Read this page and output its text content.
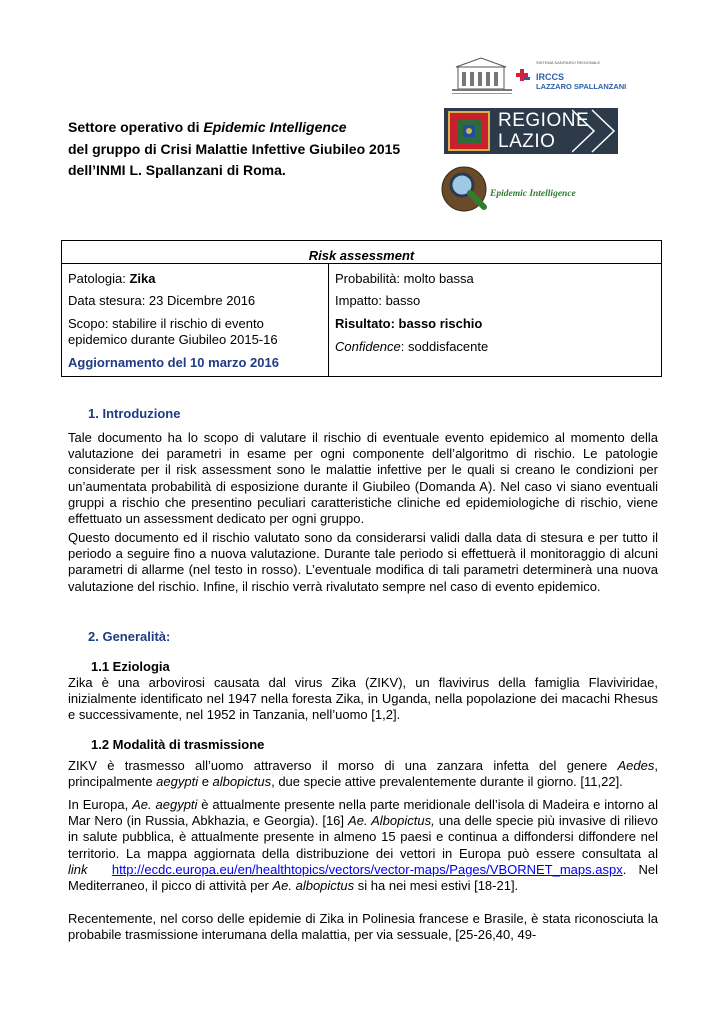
SISTEMA SANITARIO REGIONALE
IRCCS
LAZZARO SPALLANZANI
REGIONE
LAZIO
Epidemic Intelligence
Settore operativo di Epidemic Intelligence
del gruppo di Crisi Malattie Infettive Giubileo 2015
dell’INMI L. Spallanzani di Roma.
Risk assessment
Patologia: Zika
Data stesura: 23 Dicembre 2016
Scopo: stabilire il rischio di evento
epidemico durante Giubileo 2015-16
Aggiornamento del 10 marzo 2016
Probabilità: molto bassa
Impatto: basso
Risultato: basso rischio
Confidence: soddisfacente
1. Introduzione
Tale documento ha lo scopo di valutare il rischio di eventuale evento epidemico al momento della valutazione dei parametri in esame per ogni componente dell’algoritmo di rischio. Le patologie considerate per il risk assessment sono le malattie infettive per le quali si creano le condizioni per un’aumentata probabilità di esposizione durante il Giubileo (Domanda A). Nel caso vi siano eventuali gruppi a rischio che presentino peculiari caratteristiche cliniche ed epidemiologiche di rischio, viene effettuato un assessment dedicato per ogni gruppo.
Questo documento ed il rischio valutato sono da considerarsi validi dalla data di stesura e per tutto il periodo a seguire fino a nuova valutazione. Durante tale periodo si effettuerà il monitoraggio di alcuni parametri di allarme (nel testo in rosso). L’eventuale modifica di tali parametri determinerà una nuova valutazione del rischio. Infine, il rischio verrà rivalutato sempre nel caso di evento epidemico.
2. Generalità:
1.1 Eziologia
Zika è una arbovirosi causata dal virus Zika (ZIKV), un flavivirus della famiglia Flaviviridae, inizialmente identificato nel 1947 nella foresta Zika, in Uganda, nella popolazione dei macachi Rhesus e successivamente, nel 1952 in Tanzania, nell’uomo [1,2].
1.2 Modalità di trasmissione
ZIKV è trasmesso all’uomo attraverso il morso di una zanzara infetta del genere Aedes, principalmente aegypti e albopictus, due specie attive prevalentemente durante il giorno. [11,22].
In Europa, Ae. aegypti è attualmente presente nella parte meridionale dell’isola di Madeira e intorno al Mar Nero (in Russia, Abkhazia, e Georgia). [16] Ae. Albopictus, una delle specie più invasive di rilievo in salute pubblica, è attualmente presente in almeno 15 paesi e continua a diffondersi diffondere nel territorio. La mappa aggiornata della distribuzione dei vettori in Europa può essere consultata al link http://ecdc.europa.eu/en/healthtopics/vectors/vector-maps/Pages/VBORNET_maps.aspx. Nel Mediterraneo, il picco di attività per Ae. albopictus si ha nei mesi estivi [18-21].
Recentemente, nel corso delle epidemie di Zika in Polinesia francese e Brasile, è stata riconosciuta la probabile trasmissione interumana della malattia, per via sessuale, [25-26,40, 49-
